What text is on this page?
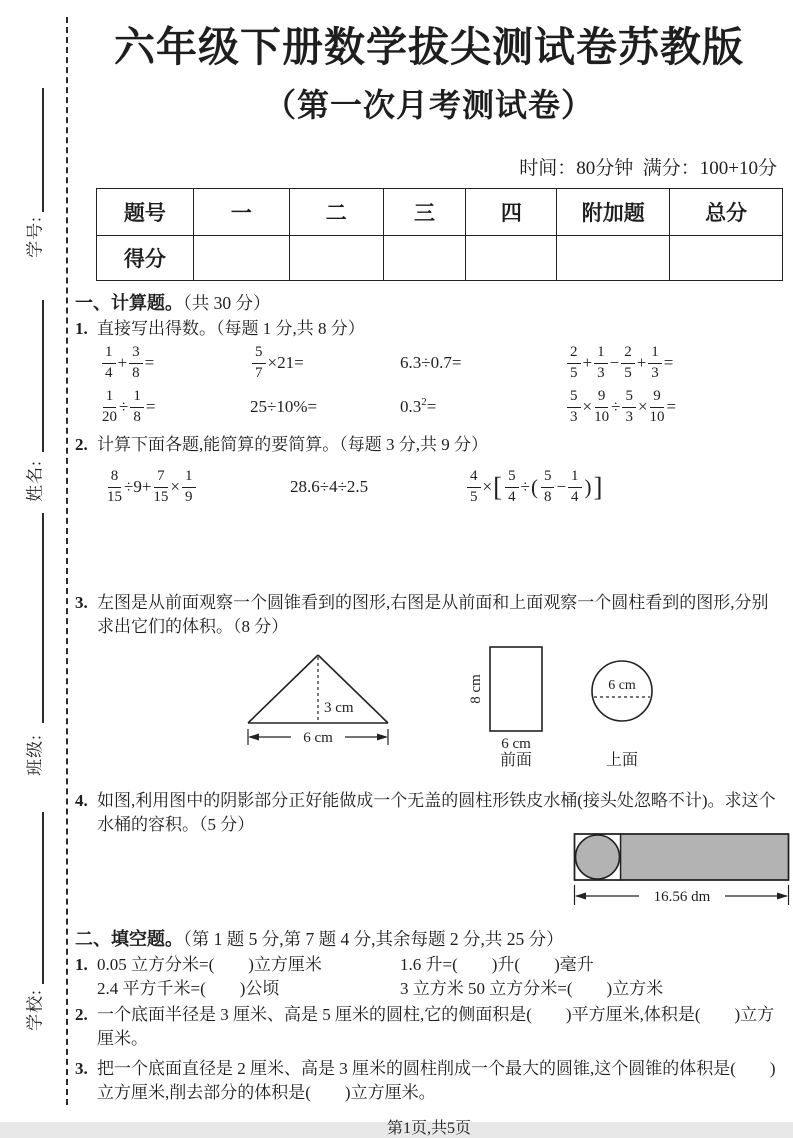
学号:
姓名:
班级:
学校:
六年级下册数学拔尖测试卷苏教版
（第一次月考测试卷）
时间：80分钟  满分：100+10分
题号	一	二	三	四	附加题	总分
得分						
一、计算题。（共 30 分）
1. 直接写出得数。（每题 1 分,共 8 分）
$\frac{1}{4} + \frac{3}{8}$ =	$\frac{5}{7} \times 21=$	6.3÷0.7=	$\frac{2}{5} + \frac{1}{3} - \frac{2}{5} + \frac{1}{3}$ =
$\frac{1}{20} \div \frac{1}{8}$ =	25÷10%=	$0.3^2$ =	$\frac{5}{3} \times \frac{9}{10} \div \frac{5}{3} \times \frac{9}{10}$ =
2. 计算下面各题,能简算的要简算。（每题 3 分,共 9 分）
$\frac{8}{15} \div 9+ \frac{7}{15} \times \frac{1}{9}$	28.6÷4÷2.5	$\frac{4}{5}$ × [ $\frac{5}{4}$ ÷ ( $\frac{5}{8} - \frac{1}{4}$ ) ]
3. 左图是从前面观察一个圆锥看到的图形,右图是从前面和上面观察一个圆柱看到的图形,分别
求出它们的体积。（8 分）
3 cm
6 cm
8 cm
6 cm
前面
6 cm
上面
4. 如图,利用图中的阴影部分正好能做成一个无盖的圆柱形铁皮水桶(接头处忽略不计)。求这个
水桶的容积。（5 分）
16.56 dm
二、填空题。（第 1 题 5 分,第 7 题 4 分,其余每题 2 分,共 25 分）
1. 0.05 立方分米=(        )立方厘米	1.6 升=(        )升(        )毫升
2.4 平方千米=(        )公顷	3 立方米 50 立方分米=(        )立方米
2. 一个底面半径是 3 厘米、高是 5 厘米的圆柱,它的侧面积是(        )平方厘米,体积是(        )立方
厘米。
3. 把一个底面直径是 2 厘米、高是 3 厘米的圆柱削成一个最大的圆锥,这个圆锥的体积是(        )
立方厘米,削去部分的体积是(        )立方厘米。
第1页,共5页
